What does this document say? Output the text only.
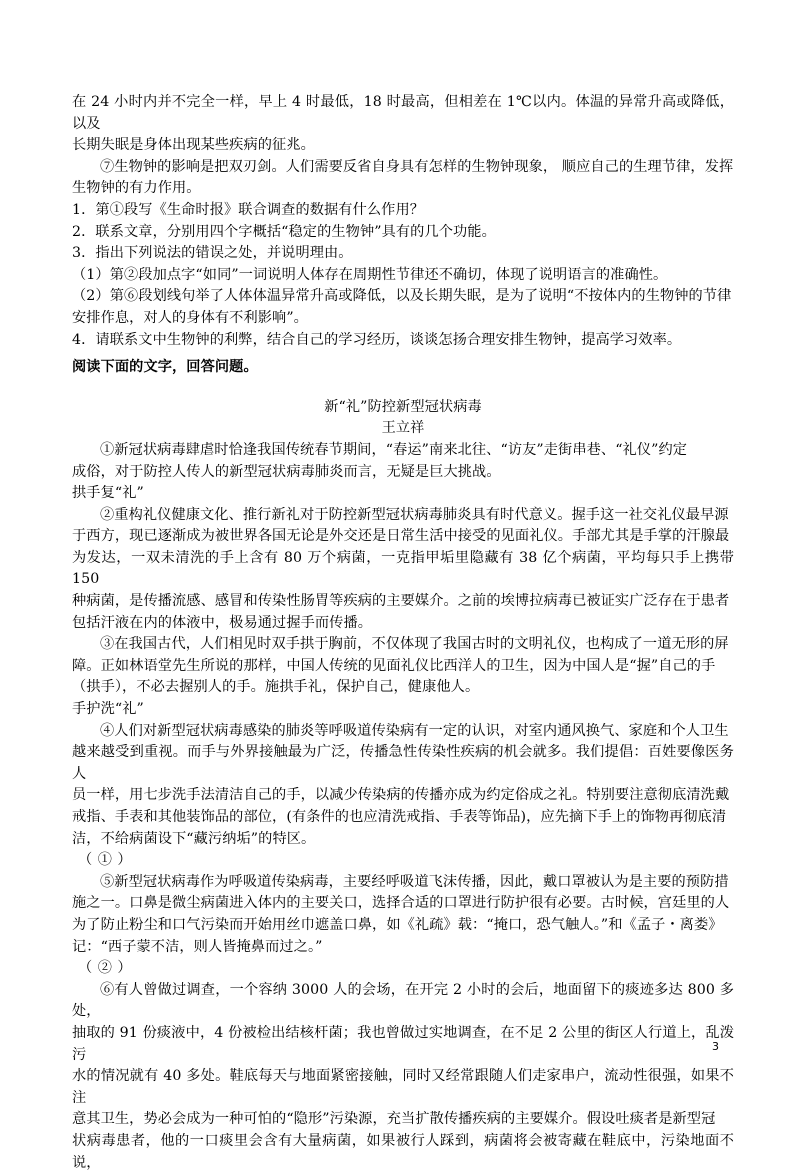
在 24 小时内并不完全一样，早上 4 时最低，18 时最高，但相差在 1℃以内。体温的异常升高或降低，以及

长期失眠是身体出现某些疾病的征兆。

⑦生物钟的影响是把双刃剑。人们需要反省自身具有怎样的生物钟现象， 顺应自己的生理节律，发挥

生物钟的有力作用。

1．第①段写《生命时报》联合调查的数据有什么作用？

2．联系文章，分别用四个字概括“稳定的生物钟”具有的几个功能。

3．指出下列说法的错误之处，并说明理由。

（1）第②段加点字“如同”一词说明人体存在周期性节律还不确切，体现了说明语言的准确性。

（2）第⑥段划线句举了人体体温异常升高或降低，以及长期失眠，是为了说明“不按体内的生物钟的节律

安排作息，对人的身体有不利影响”。

4．请联系文中生物钟的利弊，结合自己的学习经历，谈谈怎扬合理安排生物钟，提高学习效率。

阅读下面的文字，回答问题。

新“礼”防控新型冠状病毒

王立祥

①新冠状病毒肆虐时恰逢我国传统春节期间，“春运”南来北往、“访友”走街串巷、“礼仪”约定

成俗，对于防控人传人的新型冠状病毒肺炎而言，无疑是巨大挑战。

拱手复“礼”

②重构礼仪健康文化、推行新礼对于防控新型冠状病毒肺炎具有时代意义。握手这一社交礼仪最早源

于西方，现已逐渐成为被世界各国无论是外交还是日常生活中接受的见面礼仪。手部尤其是手掌的汗腺最

为发达，一双未清洗的手上含有 80 万个病菌，一克指甲垢里隐藏有 38 亿个病菌，平均每只手上携带 150

种病菌，是传播流感、感冒和传染性肠胃等疾病的主要媒介。之前的埃博拉病毒已被证实广泛存在于患者

包括汗液在内的体液中，极易通过握手而传播。

③在我国古代，人们相见时双手拱于胸前，不仅体现了我国古时的文明礼仪，也构成了一道无形的屏

障。正如林语堂先生所说的那样，中国人传统的见面礼仪比西洋人的卫生，因为中国人是“握”自己的手

（拱手），不必去握别人的手。施拱手礼，保护自己，健康他人。

手护洗“礼”

④人们对新型冠状病毒感染的肺炎等呼吸道传染病有一定的认识，对室内通风换气、家庭和个人卫生

越来越受到重视。而手与外界接触最为广泛，传播急性传染性疾病的机会就多。我们提倡：百姓要像医务人

员一样，用七步洗手法清洁自己的手，以减少传染病的传播亦成为约定俗成之礼。特别要注意彻底清洗戴

戒指、手表和其他装饰品的部位，(有条件的也应清洗戒指、手表等饰品)，应先摘下手上的饰物再彻底清

洁，不给病菌设下“藏污纳垢”的特区。

（ ① ）

⑤新型冠状病毒作为呼吸道传染病毒，主要经呼吸道飞沫传播，因此，戴口罩被认为是主要的预防措

施之一。口鼻是微尘病菌进入体内的主要关口，选择合适的口罩进行防护很有必要。古时候，宫廷里的人

为了防止粉尘和口气污染而开始用丝巾遮盖口鼻，如《礼疏》载：“掩口，恐气触人。”和《孟子・离娄》

记：“西子蒙不洁，则人皆掩鼻而过之。”

（ ② ）

⑥有人曾做过调查，一个容纳 3000 人的会场，在开完 2 小时的会后，地面留下的痰迹多达 800 多处，

抽取的 91 份痰液中，4 份被检出结核杆菌；我也曾做过实地调查，在不足 2 公里的街区人行道上，乱泼污

水的情况就有 40 多处。鞋底每天与地面紧密接触，同时又经常跟随人们走家串户，流动性很强，如果不注

意其卫生，势必会成为一种可怕的“隐形”污染源，充当扩散传播疾病的主要媒介。假设吐痰者是新型冠

状病毒患者，他的一口痰里会含有大量病菌，如果被行人踩到，病菌将会被寄藏在鞋底中，污染地面不说，

3
